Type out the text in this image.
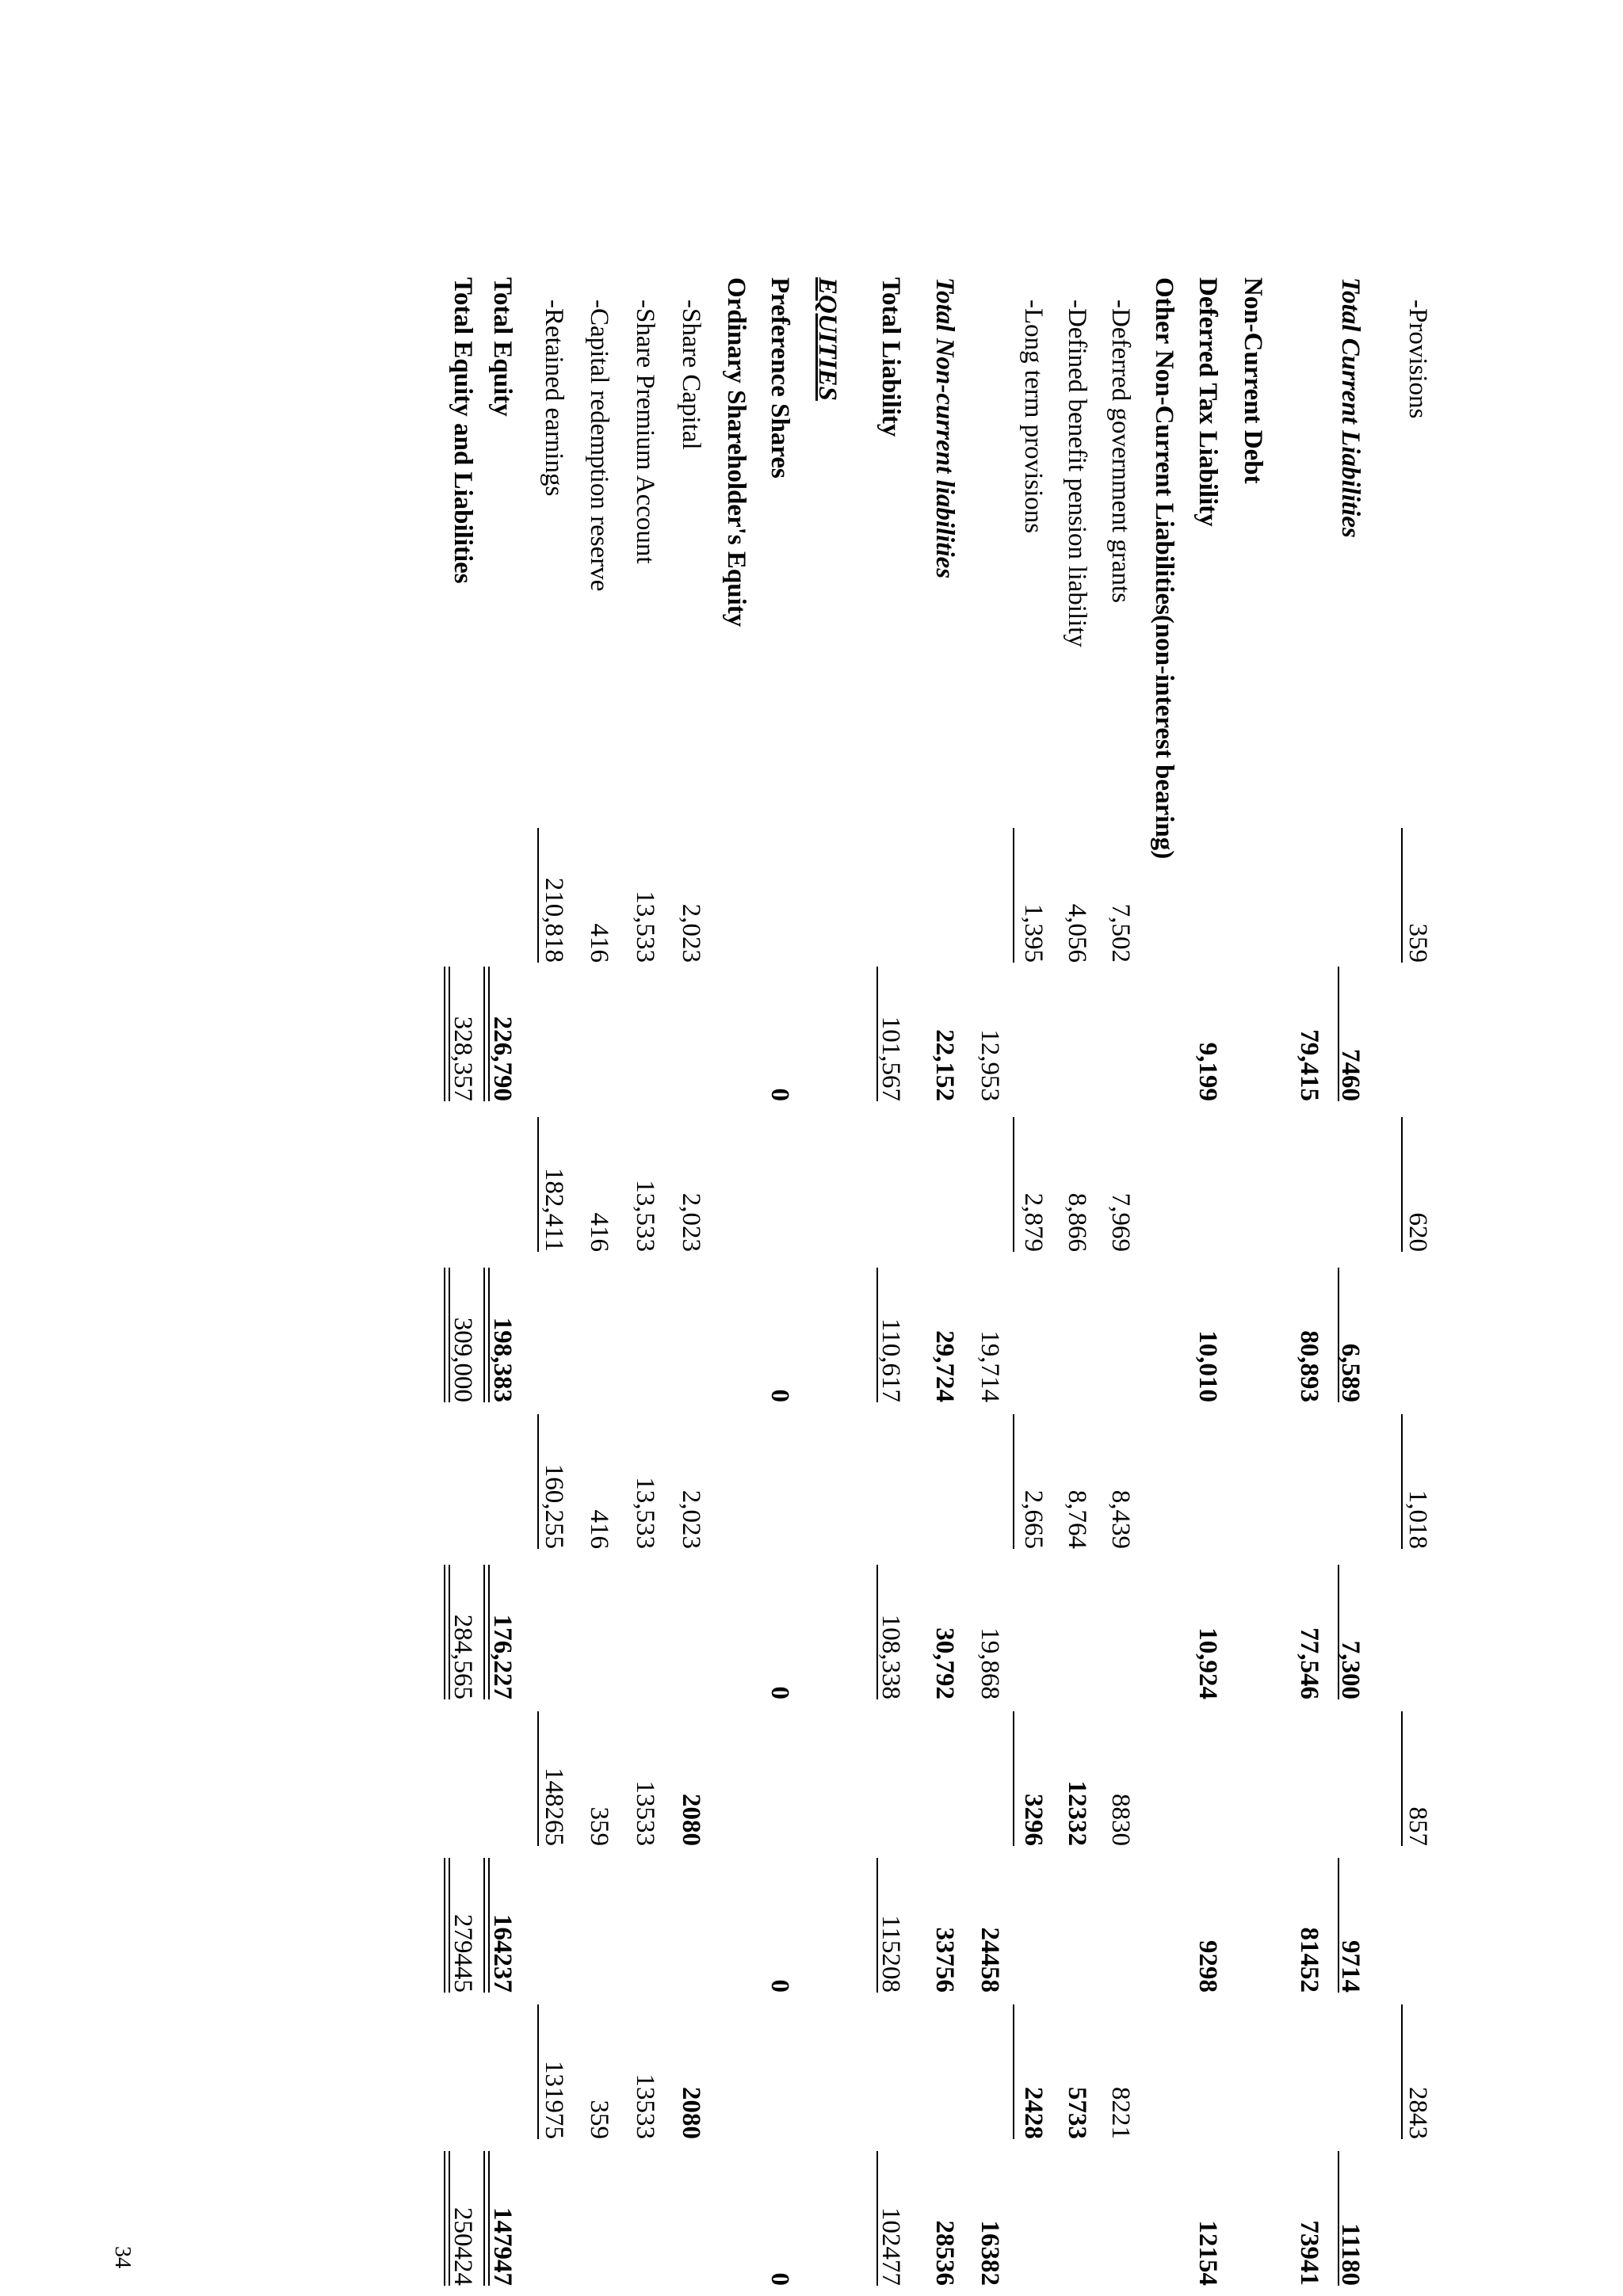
-Provisions
359
620
1,018
857
2843
Total Current Liabilities
7460
6,589
7,300
9714
11180
79,415
80,893
77,546
81452
73941
Non-Current Debt
Deferred Tax Liability
9,199
10,010
10,924
9298
12154
Other Non-Current Liabilities(non-interest bearing)
-Deferred government grants
7,502
7,969
8,439
8830
8221
-Defined benefit pension liability
4,056
8,866
8,764
12332
5733
-Long term provisions
1,395
2,879
2,665
3296
2428
12,953
19,714
19,868
24458
16382
Total Non-current liabilities
22,152
29,724
30,792
33756
28536
Total Liability
101,567
110,617
108,338
115208
102477
EQUITIES
Preference Shares
0
0
0
0
0
Ordinary Shareholder's Equity
-Share Capital
2,023
2,023
2,023
2080
2080
-Share Premium Account
13,533
13,533
13,533
13533
13533
-Capital redemption reserve
416
416
416
359
359
-Retained earnings
210,818
182,411
160,255
148265
131975
Total Equity
226,790
198,383
176,227
164237
147947
Total Equity and Liabilities
328,357
309,000
284,565
279445
250424
34
